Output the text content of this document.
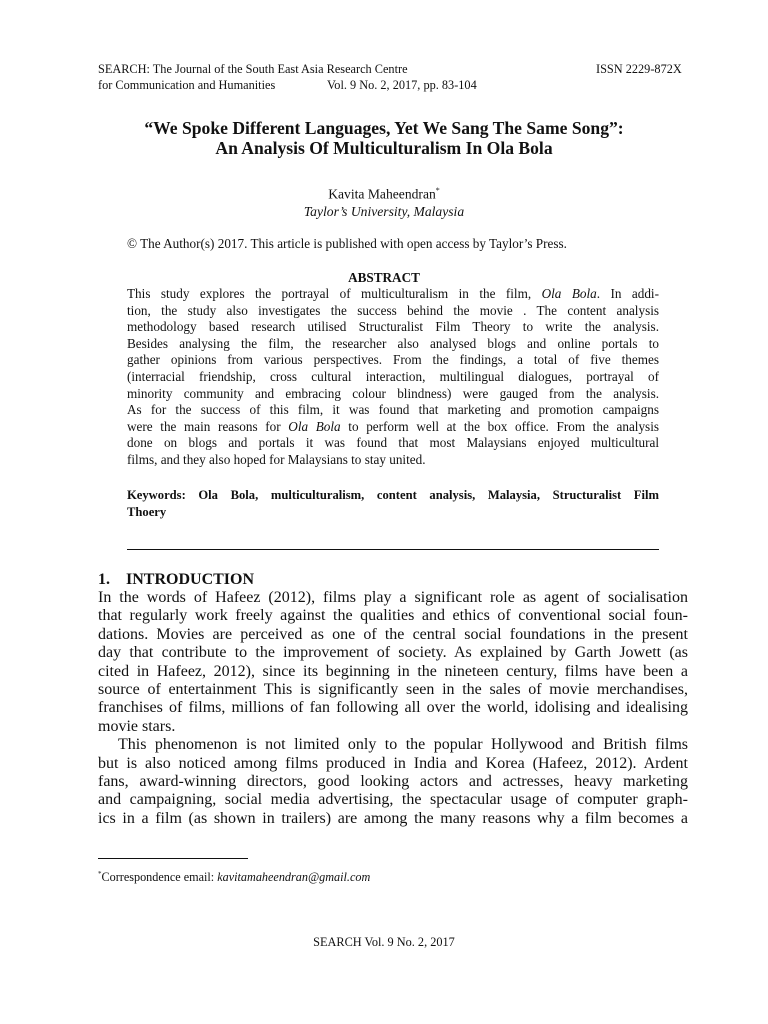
SEARCH: The Journal of the South East Asia Research Centre
for Communication and Humanities	Vol. 9 No. 2, 2017, pp. 83-104
ISSN 2229-872X
“We Spoke Different Languages, Yet We Sang The Same Song”:
An Analysis Of Multiculturalism In Ola Bola
Kavita Maheendran*
Taylor’s University, Malaysia
© The Author(s) 2017. This article is published with open access by Taylor’s Press.
ABSTRACT
This study explores the portrayal of multiculturalism in the film, Ola Bola. In addi-
tion, the study also investigates the success behind the movie . The content analysis
methodology based research utilised Structuralist Film Theory to write the analysis.
Besides analysing the film, the researcher also analysed blogs and online portals to
gather opinions from various perspectives. From the findings, a total of five themes
(interracial friendship, cross cultural interaction, multilingual dialogues, portrayal of
minority community and embracing colour blindness) were gauged from the analysis.
As for the success of this film, it was found that marketing and promotion campaigns
were the main reasons for Ola Bola to perform well at the box office. From the analysis
done on blogs and portals it was found that most Malaysians enjoyed multicultural
films, and they also hoped for Malaysians to stay united.
Keywords: Ola Bola, multiculturalism, content analysis, Malaysia, Structuralist Film
Thoery
1.    INTRODUCTION
In the words of Hafeez (2012), films play a significant role as agent of socialisation
that regularly work freely against the qualities and ethics of conventional social foun-
dations. Movies are perceived as one of the central social foundations in the present
day that contribute to the improvement of society. As explained by Garth Jowett (as
cited in Hafeez, 2012), since its beginning in the nineteen century, films have been a
source of entertainment This is significantly seen in the sales of movie merchandises,
franchises of films, millions of fan following all over the world, idolising and idealising
movie stars.
This phenomenon is not limited only to the popular Hollywood and British films
but is also noticed among films produced in India and Korea (Hafeez, 2012). Ardent
fans, award-winning directors, good looking actors and actresses, heavy marketing
and campaigning, social media advertising, the spectacular usage of computer graph-
ics in a film (as shown in trailers) are among the many reasons why a film becomes a
*Correspondence email: kavitamaheendran@gmail.com
SEARCH Vol. 9 No. 2, 2017
